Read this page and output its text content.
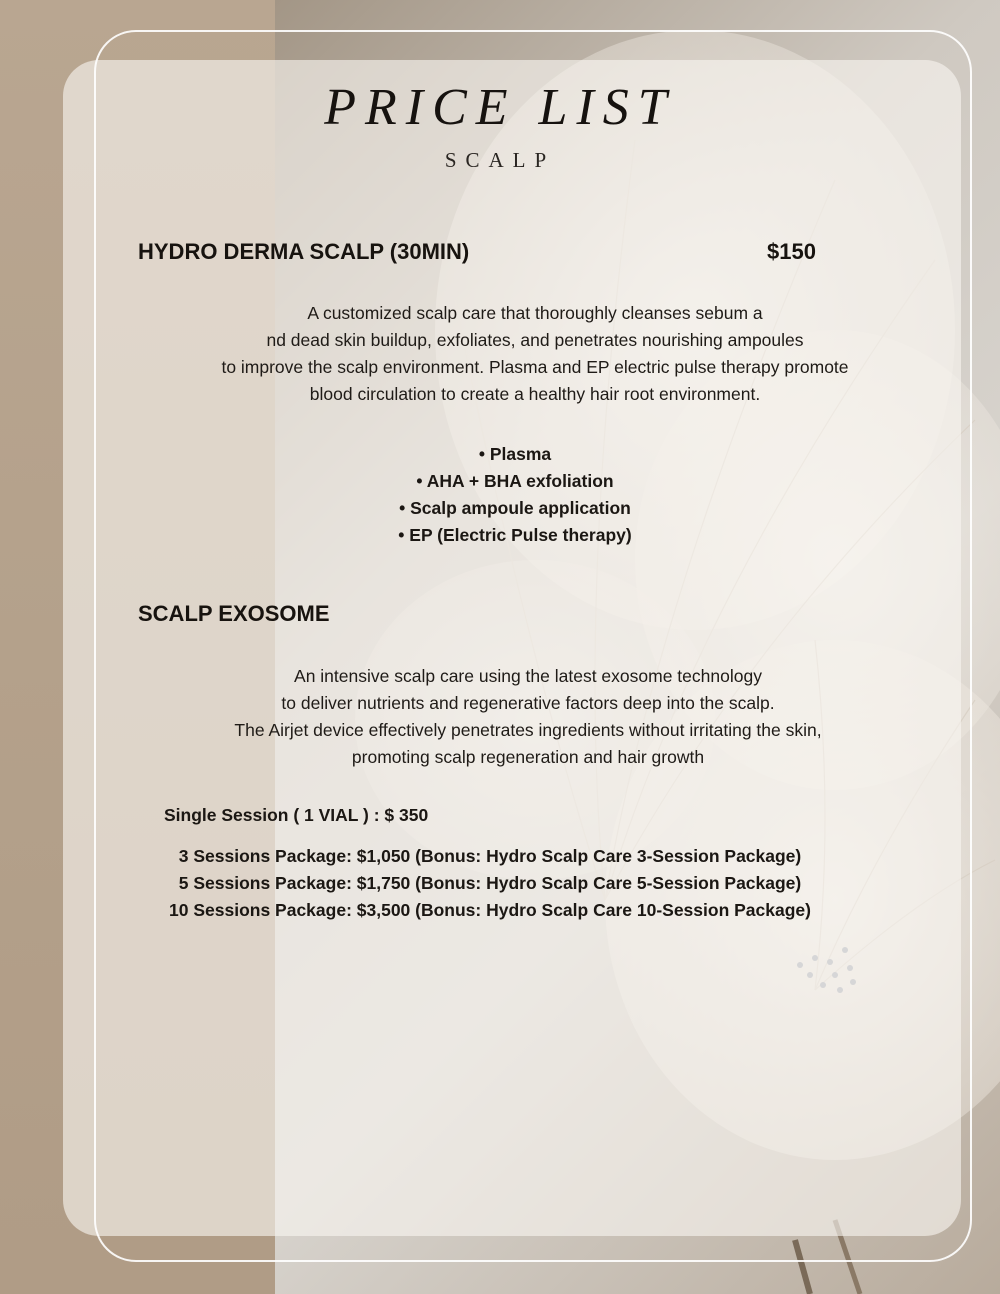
PRICE LIST
SCALP
HYDRO DERMA SCALP (30MIN)	$150
A customized scalp care that thoroughly cleanses sebum a
nd dead skin buildup, exfoliates, and penetrates nourishing ampoules
to improve the scalp environment. Plasma and EP electric pulse therapy promote
blood circulation to create a healthy hair root environment.
• Plasma
• AHA + BHA exfoliation
• Scalp ampoule application
• EP (Electric Pulse therapy)
SCALP EXOSOME
An intensive scalp care using the latest exosome technology
to deliver nutrients and regenerative factors deep into the scalp.
The Airjet device effectively penetrates ingredients without irritating the skin,
promoting scalp regeneration and hair growth
Single Session ( 1 VIAL ) : $ 350
3 Sessions Package: $1,050 (Bonus: Hydro Scalp Care 3-Session Package)
5 Sessions Package: $1,750 (Bonus: Hydro Scalp Care 5-Session Package)
10 Sessions Package: $3,500 (Bonus: Hydro Scalp Care 10-Session Package)
